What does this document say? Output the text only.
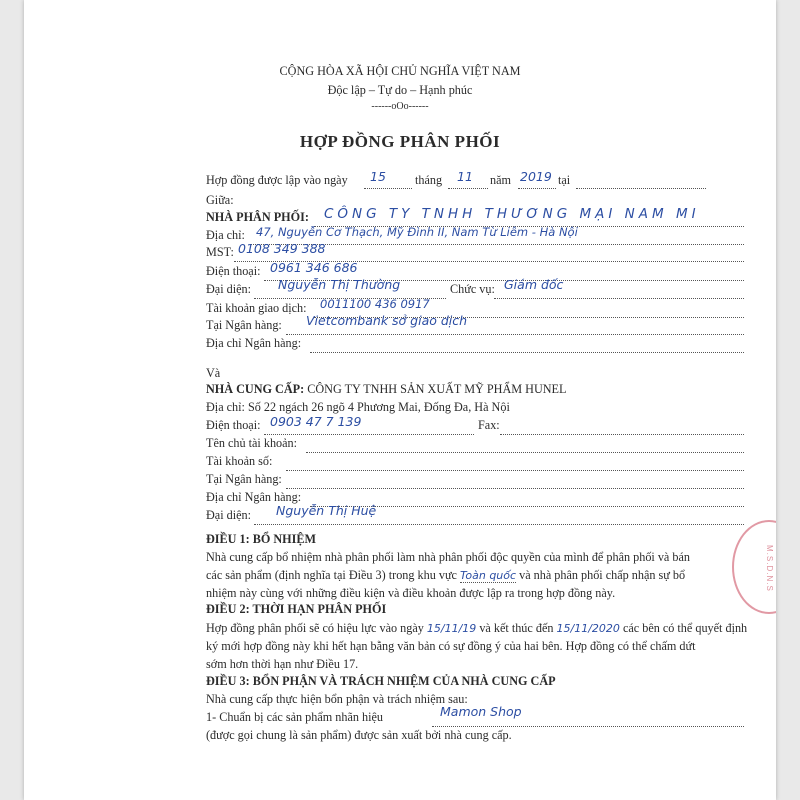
CỘNG HÒA XÃ HỘI CHỦ NGHĨA VIỆT NAM
Độc lập – Tự do – Hạnh phúc
------oOo------
HỢP ĐỒNG PHÂN PHỐI
Hợp đồng được lập vào ngày 15 tháng 11 năm 2019 tại
Giữa:
NHÀ PHÂN PHỐI: CÔNG TY TNHH THƯƠNG MẠI NAM MI
Địa chỉ: 47, Nguyễn Cơ Thạch, Mỹ Đình II, Nam Từ Liêm - Hà Nội
MST: 0108 349 388
Điện thoại: 0961 346 686
Đại diện: Nguyễn Thị Thường	Chức vụ: Giám đốc
Tài khoản giao dịch: 0011100 436 0917
Tại Ngân hàng: Vietcombank sở giao dịch
Địa chỉ Ngân hàng:
Và
NHÀ CUNG CẤP: CÔNG TY TNHH SẢN XUẤT MỸ PHẨM HUNEL
Địa chỉ: Số 22 ngách 26 ngõ 4 Phương Mai, Đống Đa, Hà Nội
Điện thoại: 0903 47 7 139	Fax:
Tên chủ tài khoản:
Tài khoản số:
Tại Ngân hàng:
Địa chỉ Ngân hàng:
Đại diện: Nguyễn Thị Huệ
ĐIỀU 1: BỔ NHIỆM
Nhà cung cấp bổ nhiệm nhà phân phối làm nhà phân phối độc quyền của mình để phân phối và bán
các sản phẩm (định nghĩa tại Điều 3) trong khu vực Toàn quốc và nhà phân phối chấp nhận sự bổ
nhiệm này cùng với những điều kiện và điều khoản được lập ra trong hợp đồng này.
ĐIỀU 2: THỜI HẠN PHÂN PHỐI
Hợp đồng phân phối sẽ có hiệu lực vào ngày 15/11/19 và kết thúc đến 15/11/2020 các bên có thể quyết định
ký mới hợp đồng này khi hết hạn bằng văn bản có sự đồng ý của hai bên. Hợp đồng có thể chấm dứt
sớm hơn thời hạn như Điều 17.
ĐIỀU 3: BỔN PHẬN VÀ TRÁCH NHIỆM CỦA NHÀ CUNG CẤP
Nhà cung cấp thực hiện bổn phận và trách nhiệm sau:
1- Chuẩn bị các sản phẩm nhãn hiệu	Mamon Shop
(được gọi chung là sản phẩm) được sản xuất bởi nhà cung cấp.
M.S.D.N.S
